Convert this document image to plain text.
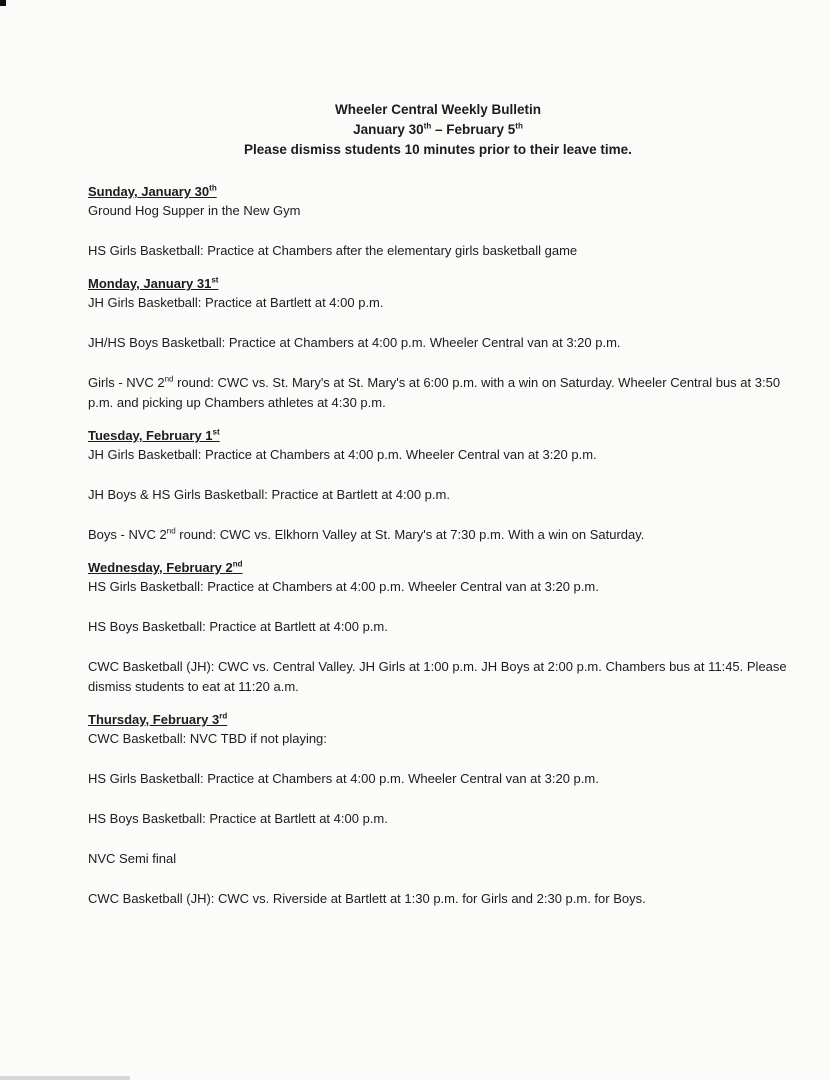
Wheeler Central Weekly Bulletin
January 30th – February 5th
Please dismiss students 10 minutes prior to their leave time.
Sunday, January 30th
Ground Hog Supper in the New Gym
HS Girls Basketball: Practice at Chambers after the elementary girls basketball game
Monday, January 31st
JH Girls Basketball: Practice at Bartlett at 4:00 p.m.
JH/HS Boys Basketball: Practice at Chambers at 4:00 p.m. Wheeler Central van at 3:20 p.m.
Girls - NVC 2nd round: CWC vs. St. Mary's at St. Mary's at 6:00 p.m. with a win on Saturday. Wheeler Central bus at 3:50 p.m. and picking up Chambers athletes at 4:30 p.m.
Tuesday, February 1st
JH Girls Basketball: Practice at Chambers at 4:00 p.m. Wheeler Central van at 3:20 p.m.
JH Boys & HS Girls Basketball: Practice at Bartlett at 4:00 p.m.
Boys - NVC 2nd round: CWC vs. Elkhorn Valley at St. Mary's at 7:30 p.m. With a win on Saturday.
Wednesday, February 2nd
HS Girls Basketball: Practice at Chambers at 4:00 p.m. Wheeler Central van at 3:20 p.m.
HS Boys Basketball: Practice at Bartlett at 4:00 p.m.
CWC Basketball (JH): CWC vs. Central Valley. JH Girls at 1:00 p.m. JH Boys at 2:00 p.m. Chambers bus at 11:45. Please dismiss students to eat at 11:20 a.m.
Thursday, February 3rd
CWC Basketball: NVC TBD if not playing:
HS Girls Basketball: Practice at Chambers at 4:00 p.m. Wheeler Central van at 3:20 p.m.
HS Boys Basketball: Practice at Bartlett at 4:00 p.m.
NVC Semi final
CWC Basketball (JH): CWC vs. Riverside at Bartlett at 1:30 p.m. for Girls and 2:30 p.m. for Boys.
